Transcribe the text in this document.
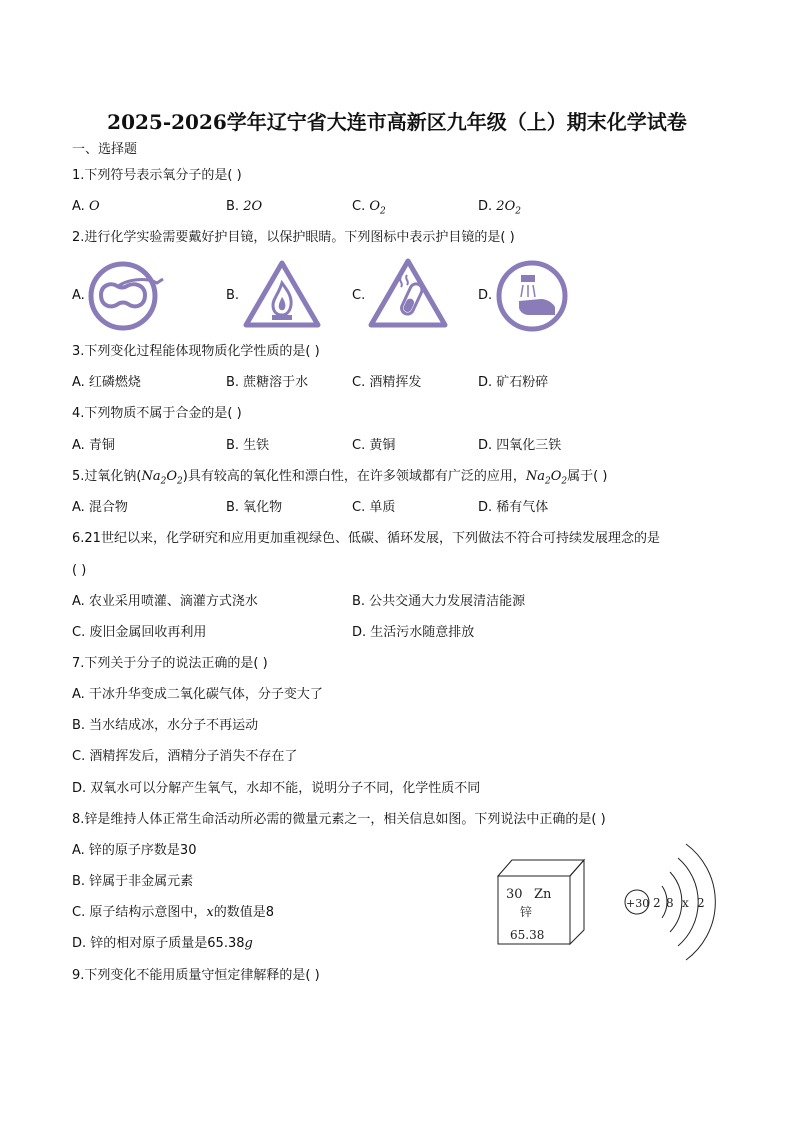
2025-2026学年辽宁省大连市高新区九年级（上）期末化学试卷
一、选择题
1.下列符号表示氧分子的是( )
A. O	B. 2O	C. $O_2$	D. $2O_2$
2.进行化学实验需要戴好护目镜，以保护眼睛。下列图标中表示护目镜的是( )
A.	B.	C.	D.
3.下列变化过程能体现物质化学性质的是( )
A. 红磷燃烧	B. 蔗糖溶于水	C. 酒精挥发	D. 矿石粉碎
4.下列物质不属于合金的是( )
A. 青铜	B. 生铁	C. 黄铜	D. 四氧化三铁
5.过氧化钠$(Na_2O_2)$具有较高的氧化性和漂白性，在许多领域都有广泛的应用，$Na_2O_2$属于( )
A. 混合物	B. 氧化物	C. 单质	D. 稀有气体
6.21世纪以来，化学研究和应用更加重视绿色、低碳、循环发展，下列做法不符合可持续发展理念的是
( )
A. 农业采用喷灌、滴灌方式浇水	B. 公共交通大力发展清洁能源
C. 废旧金属回收再利用	D. 生活污水随意排放
7.下列关于分子的说法正确的是( )
A. 干冰升华变成二氧化碳气体，分子变大了
B. 当水结成冰，水分子不再运动
C. 酒精挥发后，酒精分子消失不存在了
D. 双氧水可以分解产生氧气，水却不能，说明分子不同，化学性质不同
8.锌是维持人体正常生命活动所必需的微量元素之一，相关信息如图。下列说法中正确的是( )
A. 锌的原子序数是30
B. 锌属于非金属元素
C. 原子结构示意图中，x的数值是8
D. 锌的相对原子质量是65.38g
30 Zn
锌
65.38
+30 2 8 x 2
9.下列变化不能用质量守恒定律解释的是( )
